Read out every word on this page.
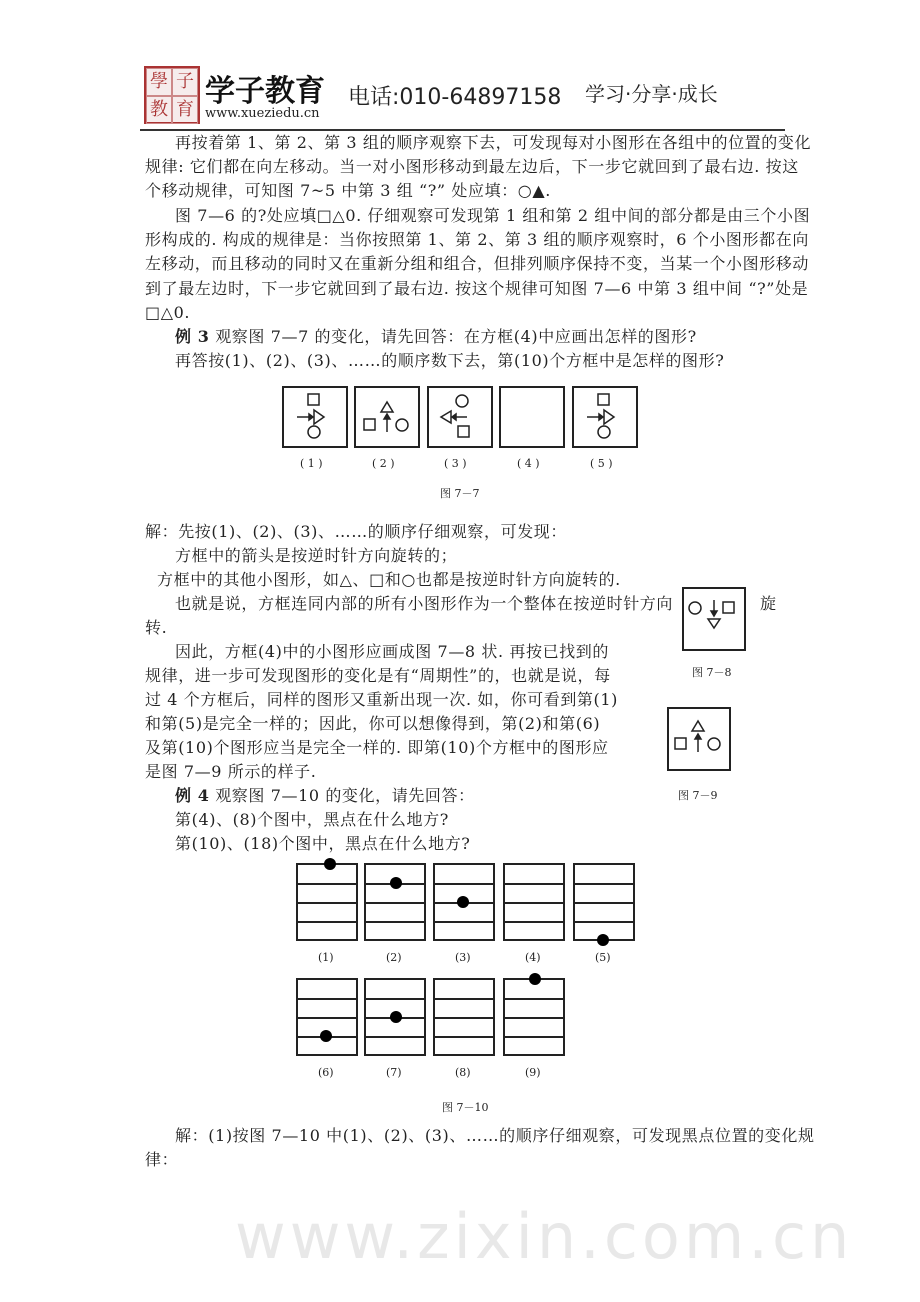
學 子
教 育
学子教育
www.xueziedu.cn
电话:010-64897158 学习·分享·成长
www.zixin.com.cn
再按着第 1、第 2、第 3 组的顺序观察下去，可发现每对小图形在各组中的位置的变化
规律: 它们都在向左移动。当一对小图形移动到最左边后，下一步它就回到了最右边. 按这
个移动规律，可知图 7~5 中第 3 组 “?” 处应填：○▲.
图 7—6 的?处应填□△0. 仔细观察可发现第 1 组和第 2 组中间的部分都是由三个小图
形构成的. 构成的规律是：当你按照第 1、第 2、第 3 组的顺序观察时，6 个小图形都在向
左移动，而且移动的同时又在重新分组和组合，但排列顺序保持不变，当某一个小图形移动
到了最左边时，下一步它就回到了最右边. 按这个规律可知图 7—6 中第 3 组中间 “?”处是
□△0.
例 3 观察图 7—7 的变化，请先回答：在方框(4)中应画出怎样的图形?
再答按(1)、(2)、(3)、……的顺序数下去，第(10)个方框中是怎样的图形?
( 1 )	( 2 )	( 3 )	( 4 )	( 5 )
图 7－7
解：先按(1)、(2)、(3)、……的顺序仔细观察，可发现：
方框中的箭头是按逆时针方向旋转的；
方框中的其他小图形，如△、□和○也都是按逆时针方向旋转的.
也就是说，方框连同内部的所有小图形作为一个整体在按逆时针方向	旋
转.
因此，方框(4)中的小图形应画成图 7—8 状. 再按已找到的
规律，进一步可发现图形的变化是有“周期性”的，也就是说，每
过 4 个方框后，同样的图形又重新出现一次. 如，你可看到第(1)
和第(5)是完全一样的；因此，你可以想像得到，第(2)和第(6)
及第(10)个图形应当是完全一样的. 即第(10)个方框中的图形应
是图 7—9 所示的样子.
图 7－8
图 7－9
例 4 观察图 7—10 的变化，请先回答：
第(4)、(8)个图中，黑点在什么地方?
第(10)、(18)个图中，黑点在什么地方?
(1)	(2)	(3)	(4)	(5)
(6)	(7)	(8)	(9)
图 7－10
解：(1)按图 7—10 中(1)、(2)、(3)、……的顺序仔细观察，可发现黑点位置的变化规
律：
